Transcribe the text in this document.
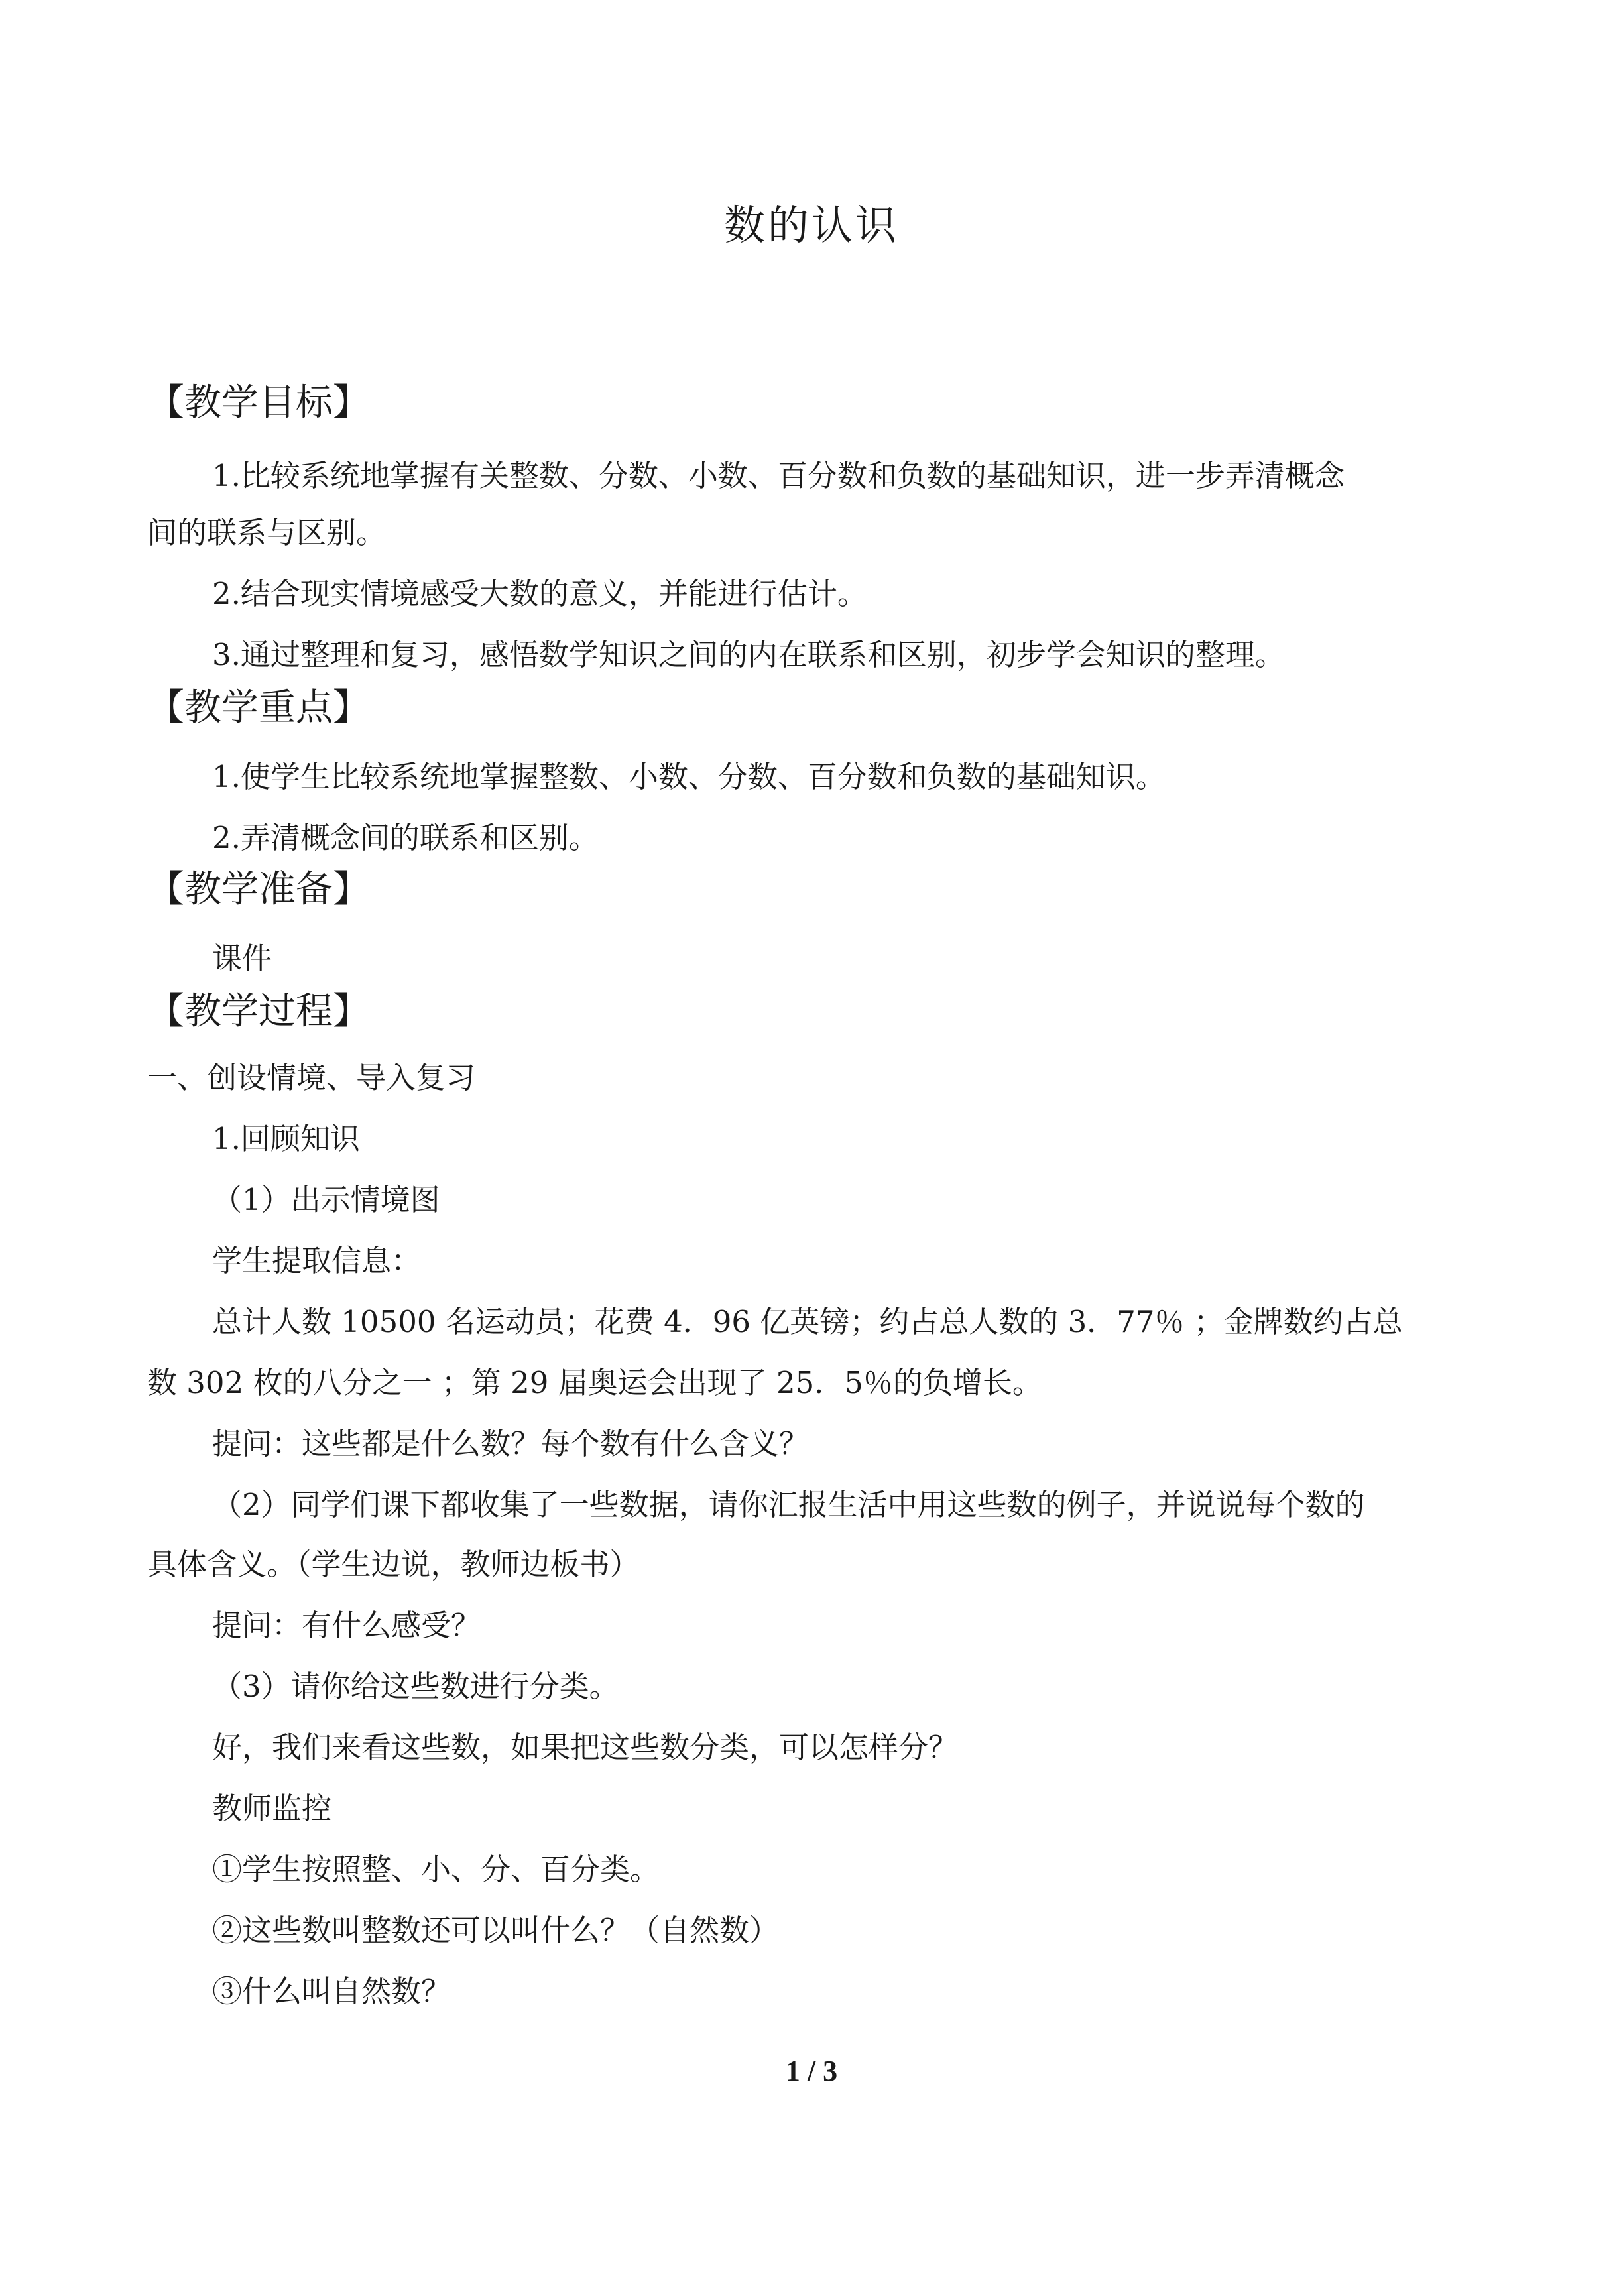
数的认识
【教学目标】
1.比较系统地掌握有关整数、分数、小数、百分数和负数的基础知识，进一步弄清概念
间的联系与区别。
2.结合现实情境感受大数的意义，并能进行估计。
3.通过整理和复习，感悟数学知识之间的内在联系和区别，初步学会知识的整理。
【教学重点】
1.使学生比较系统地掌握整数、小数、分数、百分数和负数的基础知识。
2.弄清概念间的联系和区别。
【教学准备】
课件
【教学过程】
一、创设情境、导入复习
1.回顾知识
（1）出示情境图
学生提取信息：
总计人数 10500 名运动员；花费 4．96 亿英镑；约占总人数的 3．77％ ；金牌数约占总
数 302 枚的八分之一 ；第 29 届奥运会出现了 25．5％的负增长。
提问：这些都是什么数？每个数有什么含义？
（2）同学们课下都收集了一些数据，请你汇报生活中用这些数的例子，并说说每个数的
具体含义。（学生边说，教师边板书）
提问：有什么感受？
（3）请你给这些数进行分类。
好，我们来看这些数，如果把这些数分类，可以怎样分？
教师监控
①学生按照整、小、分、百分类。
②这些数叫整数还可以叫什么？（自然数）
③什么叫自然数？
1 / 3
